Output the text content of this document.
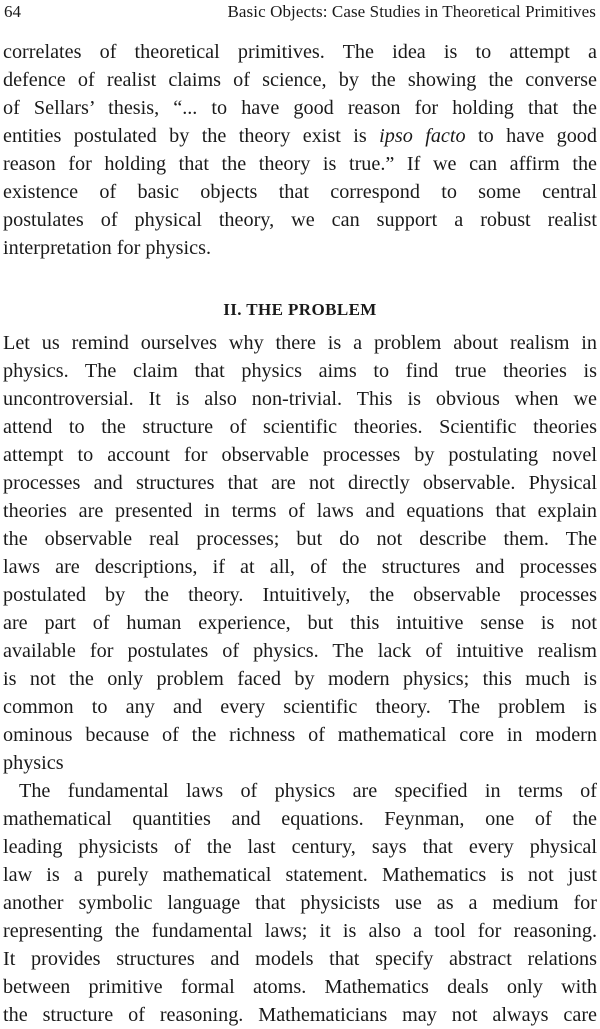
64	Basic Objects: Case Studies in Theoretical Primitives
correlates of theoretical primitives. The idea is to attempt a
defence of realist claims of science, by the showing the converse
of Sellars’ thesis, “... to have good reason for holding that the
entities postulated by the theory exist is ipso facto to have good
reason for holding that the theory is true.” If we can affirm the
existence of basic objects that correspond to some central
postulates of physical theory, we can support a robust realist
interpretation for physics.
II. THE PROBLEM
Let us remind ourselves why there is a problem about realism in
physics. The claim that physics aims to find true theories is
uncontroversial. It is also non-trivial. This is obvious when we
attend to the structure of scientific theories. Scientific theories
attempt to account for observable processes by postulating novel
processes and structures that are not directly observable. Physical
theories are presented in terms of laws and equations that explain
the observable real processes; but do not describe them. The
laws are descriptions, if at all, of the structures and processes
postulated by the theory. Intuitively, the observable processes
are part of human experience, but this intuitive sense is not
available for postulates of physics. The lack of intuitive realism
is not the only problem faced by modern physics; this much is
common to any and every scientific theory. The problem is
ominous because of the richness of mathematical core in modern
physics
The fundamental laws of physics are specified in terms of
mathematical quantities and equations. Feynman, one of the
leading physicists of the last century, says that every physical
law is a purely mathematical statement. Mathematics is not just
another symbolic language that physicists use as a medium for
representing the fundamental laws; it is also a tool for reasoning.
It provides structures and models that specify abstract relations
between primitive formal atoms. Mathematics deals only with
the structure of reasoning. Mathematicians may not always care
